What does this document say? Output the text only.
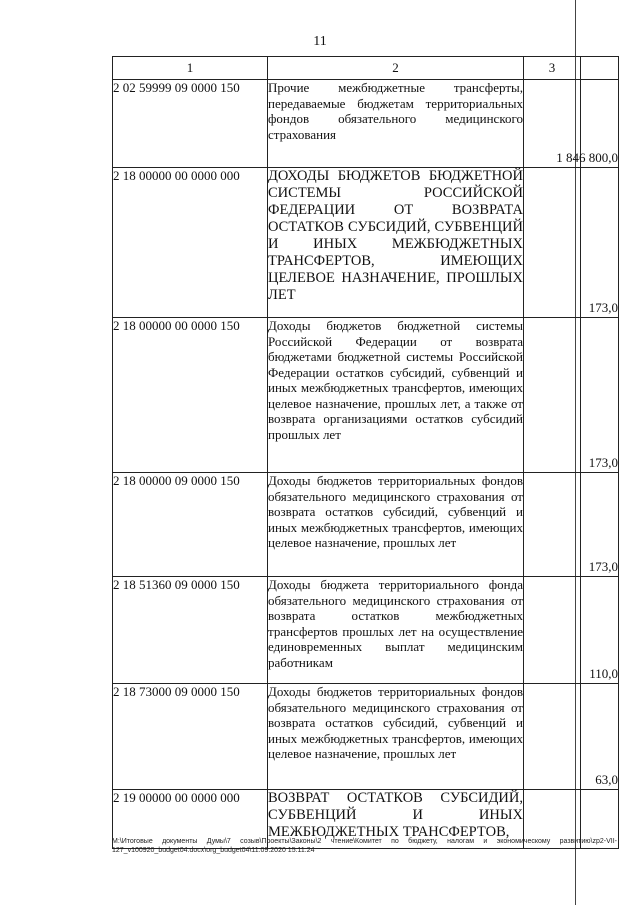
11
1	2	3	
2 02 59999 09 0000 150	Прочие межбюджетные трансферты, передаваемые бюджетам территориальных фондов обязательного медицинского страхования	1 846 800,0	

2 18 00000 00 0000 000	ДОХОДЫ БЮДЖЕТОВ БЮДЖЕТНОЙ СИСТЕМЫ РОССИЙСКОЙ ФЕДЕРАЦИИ ОТ ВОЗВРАТА ОСТАТКОВ СУБСИДИЙ, СУБВЕНЦИЙ И ИНЫХ МЕЖБЮДЖЕТНЫХ ТРАНСФЕРТОВ, ИМЕЮЩИХ ЦЕЛЕВОЕ НАЗНАЧЕНИЕ, ПРОШЛЫХ ЛЕТ		173,0

2 18 00000 00 0000 150	Доходы бюджетов бюджетной системы Российской Федерации от возврата бюджетами бюджетной системы Российской Федерации остатков субсидий, субвенций и иных межбюджетных трансфертов, имеющих целевое назначение, прошлых лет, а также от возврата организациями остатков субсидий прошлых лет		173,0

2 18 00000 09 0000 150	Доходы бюджетов территориальных фондов обязательного медицинского страхования от возврата остатков субсидий, субвенций и иных межбюджетных трансфертов, имеющих целевое назначение, прошлых лет		173,0

2 18 51360 09 0000 150	Доходы бюджета территориального фонда обязательного медицинского страхования от возврата остатков межбюджетных трансфертов прошлых лет на осуществление единовременных выплат медицинским работникам		110,0

2 18 73000 09 0000 150	Доходы бюджетов территориальных фондов обязательного медицинского страхования от возврата остатков субсидий, субвенций и иных межбюджетных трансфертов, имеющих целевое назначение, прошлых лет		63,0

2 19 00000 00 0000 000	ВОЗВРАТ ОСТАТКОВ СУБСИДИЙ, СУБВЕНЦИЙ И ИНЫХ МЕЖБЮДЖЕТНЫХ ТРАНСФЕРТОВ,		
M:\Итоговые документы Думы\7 созыв\Проекты\Законы\2 чтение\Комитет по бюджету, налогам и экономическому развитию\zp2-VII-127_v100920_budget04.docx\org_budget04\11.09.2020 15:11:24
